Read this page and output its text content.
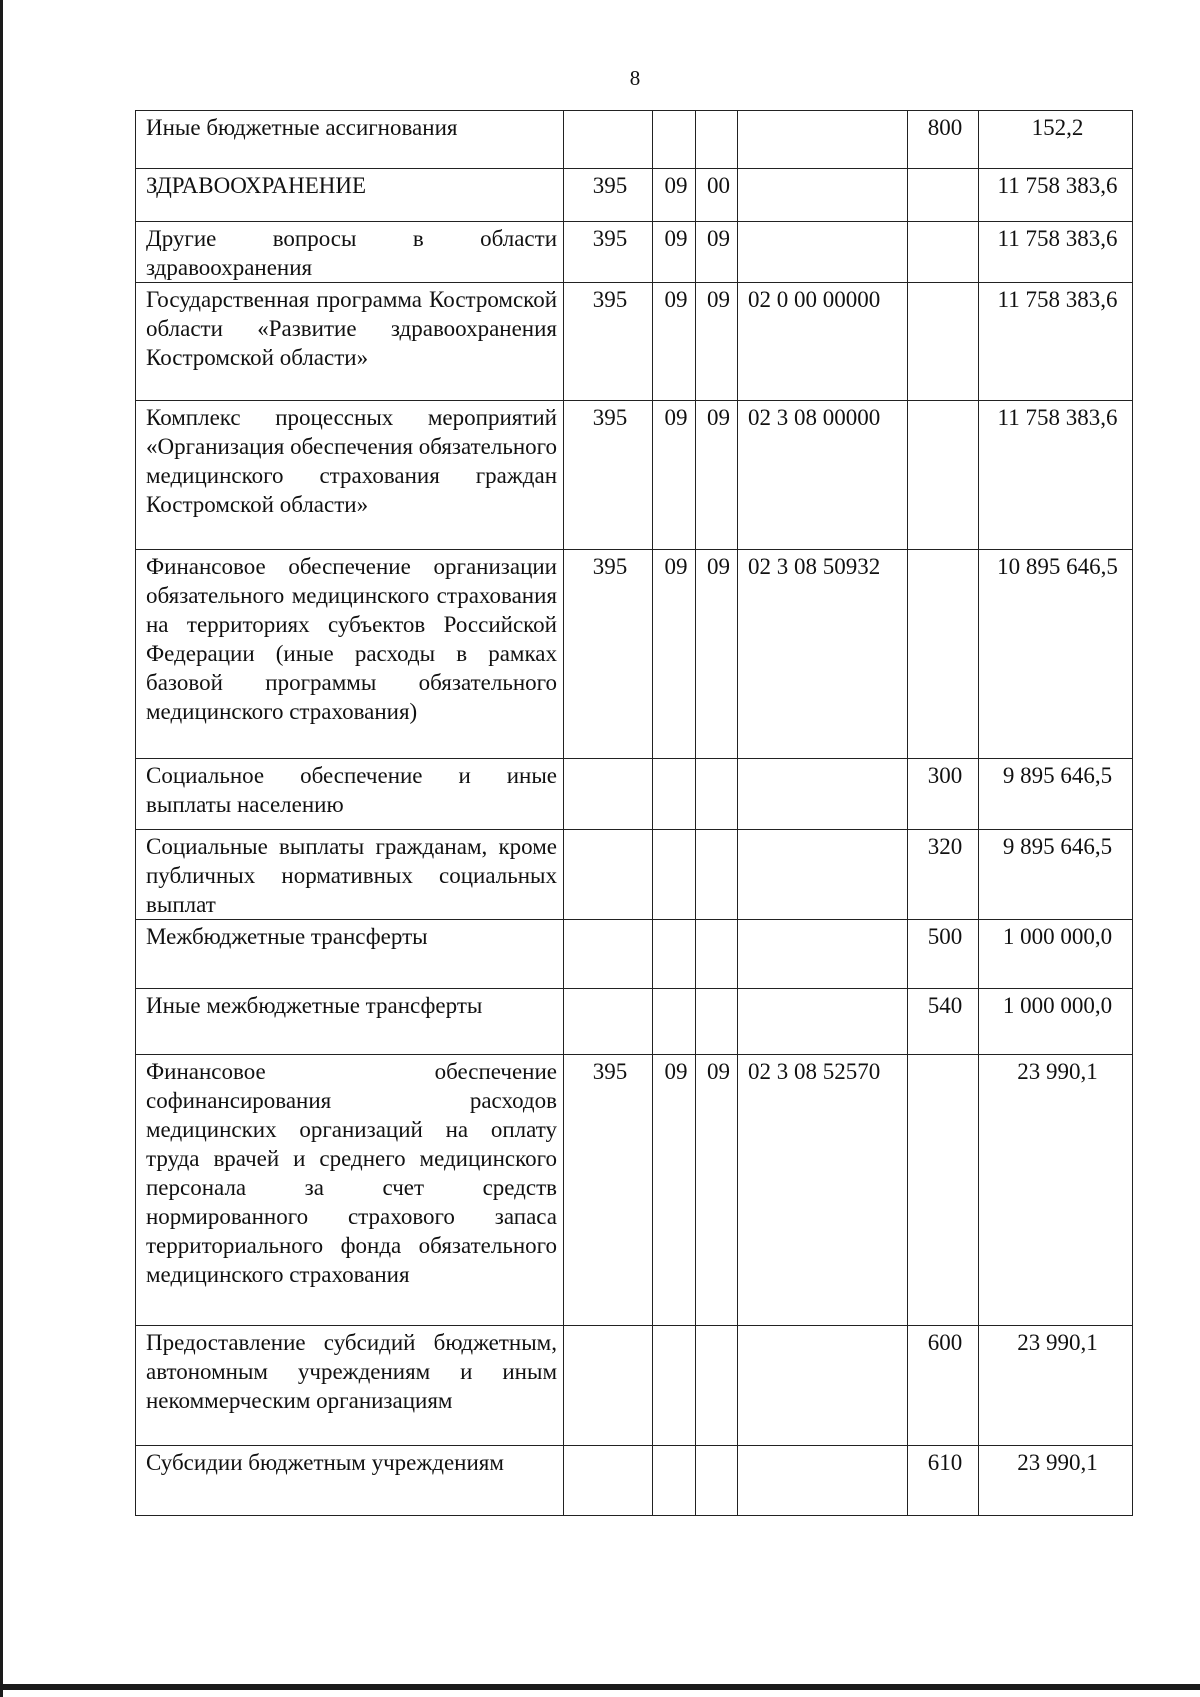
8
Иные бюджетные ассигнования					800	152,2
ЗДРАВООХРАНЕНИЕ	395	09	00			11 758 383,6
Другие вопросы в области здравоохранения	395	09	09			11 758 383,6
Государственная программа Костромской области «Развитие здравоохранения Костромской области»	395	09	09	02 0 00 00000		11 758 383,6
Комплекс процессных мероприятий «Организация обеспечения обязательного медицинского страхования граждан Костромской области»	395	09	09	02 3 08 00000		11 758 383,6
Финансовое обеспечение организации обязательного медицинского страхования на территориях субъектов Российской Федерации (иные расходы в рамках базовой программы обязательного медицинского страхования)	395	09	09	02 3 08 50932		10 895 646,5
Социальное обеспечение и иные выплаты населению					300	9 895 646,5
Социальные выплаты гражданам, кроме публичных нормативных социальных выплат					320	9 895 646,5
Межбюджетные трансферты					500	1 000 000,0
Иные межбюджетные трансферты					540	1 000 000,0
Финансовое обеспечение софинансирования расходов медицинских организаций на оплату труда врачей и среднего медицинского персонала за счет средств нормированного страхового запаса территориального фонда обязательного медицинского страхования	395	09	09	02 3 08 52570		23 990,1
Предоставление субсидий бюджетным, автономным учреждениям и иным некоммерческим организациям					600	23 990,1
Субсидии бюджетным учреждениям					610	23 990,1
